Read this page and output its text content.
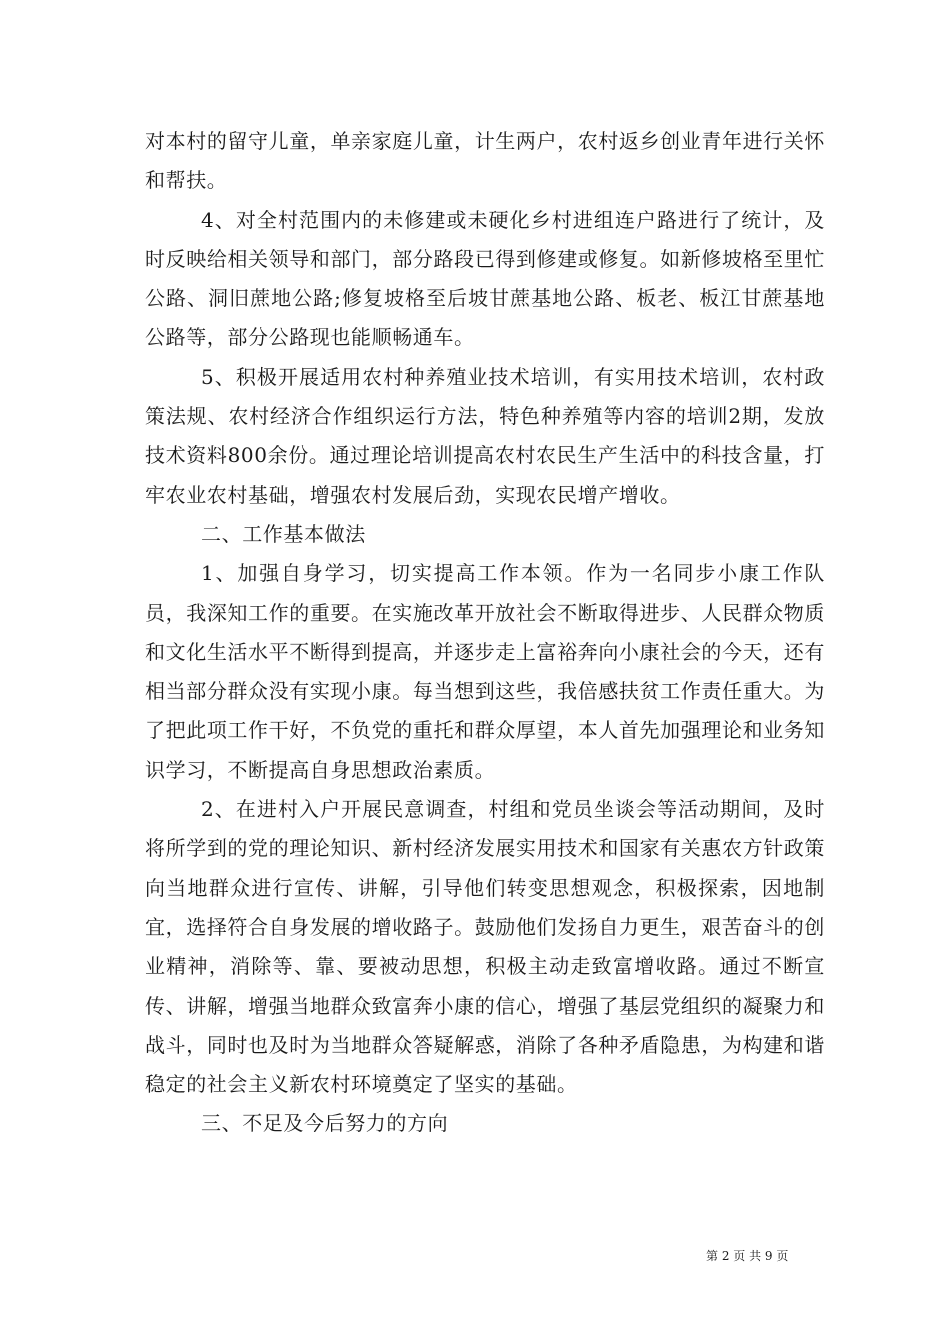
对本村的留守儿童，单亲家庭儿童，计生两户，农村返乡创业青年进行关怀和帮扶。

4、对全村范围内的未修建或未硬化乡村进组连户路进行了统计，及时反映给相关领导和部门，部分路段已得到修建或修复。如新修坡格至里忙公路、洞旧蔗地公路;修复坡格至后坡甘蔗基地公路、板老、板江甘蔗基地公路等，部分公路现也能顺畅通车。

5、积极开展适用农村种养殖业技术培训，有实用技术培训，农村政策法规、农村经济合作组织运行方法，特色种养殖等内容的培训2期，发放技术资料800余份。通过理论培训提高农村农民生产生活中的科技含量，打牢农业农村基础，增强农村发展后劲，实现农民增产增收。

二、工作基本做法

1、加强自身学习，切实提高工作本领。作为一名同步小康工作队员，我深知工作的重要。在实施改革开放社会不断取得进步、人民群众物质和文化生活水平不断得到提高，并逐步走上富裕奔向小康社会的今天，还有相当部分群众没有实现小康。每当想到这些，我倍感扶贫工作责任重大。为了把此项工作干好，不负党的重托和群众厚望，本人首先加强理论和业务知识学习，不断提高自身思想政治素质。

2、在进村入户开展民意调查，村组和党员坐谈会等活动期间，及时将所学到的党的理论知识、新村经济发展实用技术和国家有关惠农方针政策向当地群众进行宣传、讲解，引导他们转变思想观念，积极探索，因地制宜，选择符合自身发展的增收路子。鼓励他们发扬自力更生，艰苦奋斗的创业精神，消除等、靠、要被动思想，积极主动走致富增收路。通过不断宣传、讲解，增强当地群众致富奔小康的信心，增强了基层党组织的凝聚力和战斗，同时也及时为当地群众答疑解惑，消除了各种矛盾隐患，为构建和谐稳定的社会主义新农村环境奠定了坚实的基础。

三、不足及今后努力的方向

第 2 页 共 9 页
